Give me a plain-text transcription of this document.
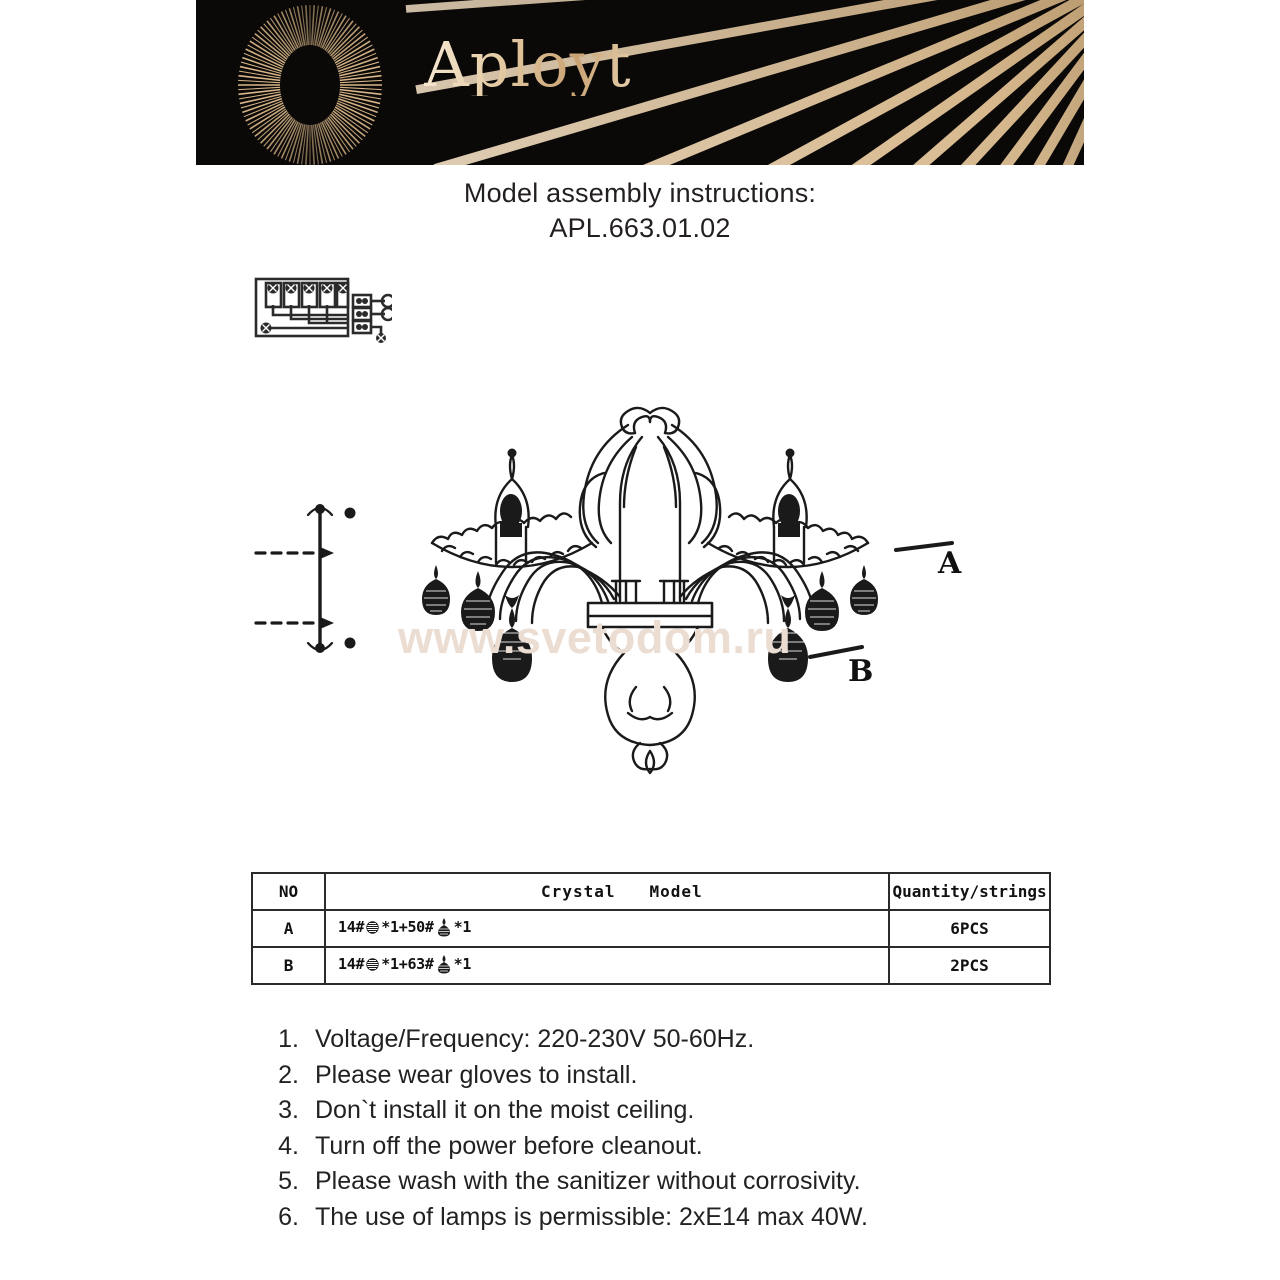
Aployt
Model assembly instructions:
APL.663.01.02
www.svetodom.ru
A
B
NO	Crystal Model	Quantity/strings
A	14# *1+50# *1	6PCS
B	14# *1+63# *1	2PCS
1. Voltage/Frequency: 220-230V 50-60Hz.
2. Please wear gloves to install.
3. Don`t install it on the moist ceiling.
4. Turn off the power before cleanout.
5. Please wash with the sanitizer without corrosivity.
6. The use of lamps is permissible: 2xE14 max 40W.
